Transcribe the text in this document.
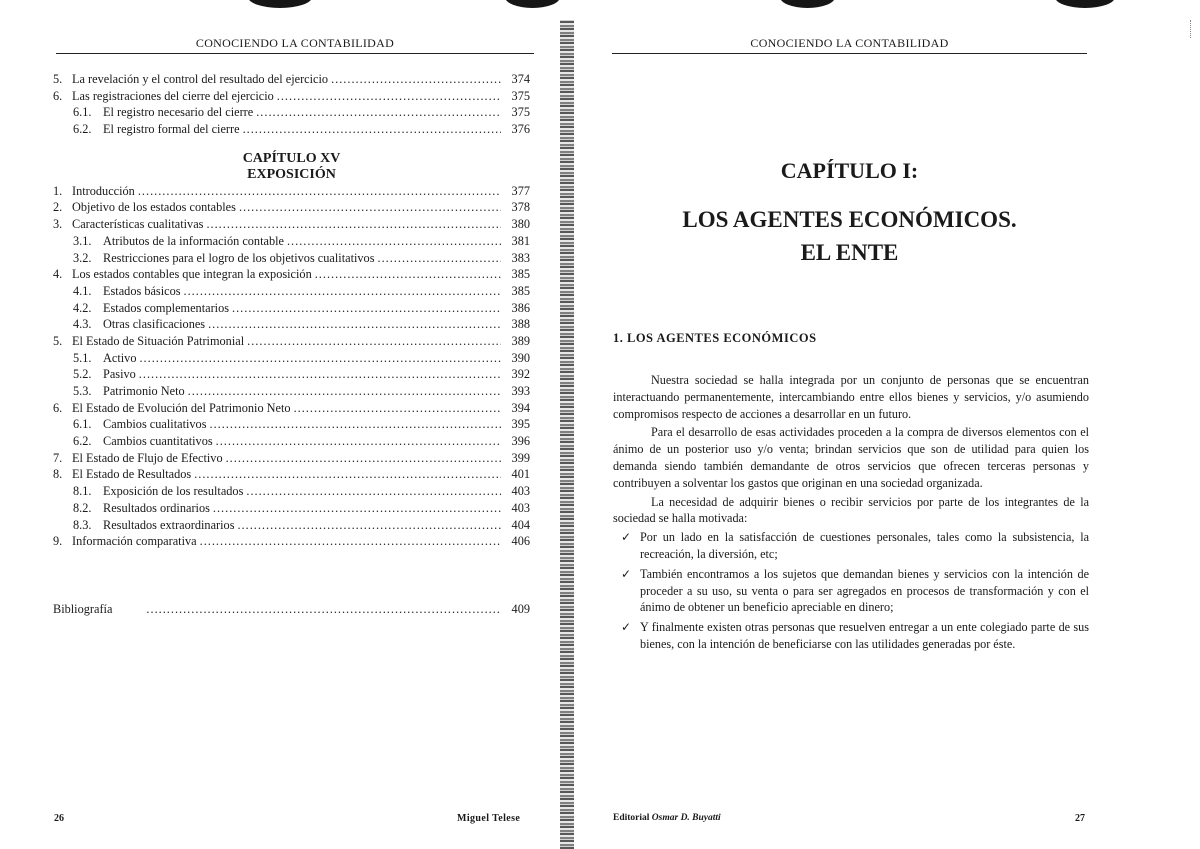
CONOCIENDO LA CONTABILIDAD
5. La revelación y el control del resultado del ejercicio .....	374
6. Las registraciones del cierre del ejercicio .....	375
6.1. El registro necesario del cierre .....	375
6.2. El registro formal del cierre .....	376
CAPÍTULO XV
EXPOSICIÓN
1. Introducción .....	377
2. Objetivo de los estados contables .....	378
3. Características cualitativas .....	380
3.1. Atributos de la información contable .....	381
3.2. Restricciones para el logro de los objetivos cualitativos .....	383
4. Los estados contables que integran la exposición .....	385
4.1. Estados básicos .....	385
4.2. Estados complementarios .....	386
4.3. Otras clasificaciones .....	388
5. El Estado de Situación Patrimonial .....	389
5.1. Activo .....	390
5.2. Pasivo .....	392
5.3. Patrimonio Neto .....	393
6. El Estado de Evolución del Patrimonio Neto .....	394
6.1. Cambios cualitativos .....	395
6.2. Cambios cuantitativos .....	396
7. El Estado de Flujo de Efectivo .....	399
8. El Estado de Resultados .....	401
8.1. Exposición de los resultados .....	403
8.2. Resultados ordinarios .....	403
8.3. Resultados extraordinarios .....	404
9. Información comparativa .....	406
Bibliografía .....	409
26	Miguel Telese
CONOCIENDO LA CONTABILIDAD
CAPÍTULO I:
LOS AGENTES ECONÓMICOS.
EL ENTE
1. LOS AGENTES ECONÓMICOS

Nuestra sociedad se halla integrada por un conjunto de personas que se encuentran interactuando permanentemente, intercambiando entre ellos bienes y servicios, y/o asumiendo compromisos respecto de acciones a desarrollar en un futuro.

Para el desarrollo de esas actividades proceden a la compra de diversos elementos con el ánimo de un posterior uso y/o venta; brindan servicios que son de utilidad para quien los demanda siendo también demandante de otros servicios que ofrecen terceras personas y contribuyen a solventar los gastos que originan en una sociedad organizada.

La necesidad de adquirir bienes o recibir servicios por parte de los integrantes de la sociedad se halla motivada:

✓ Por un lado en la satisfacción de cuestiones personales, tales como la subsistencia, la recreación, la diversión, etc;
✓ También encontramos a los sujetos que demandan bienes y servicios con la intención de proceder a su uso, su venta o para ser agregados en procesos de transformación y con el ánimo de obtener un beneficio apreciable en dinero;
✓ Y finalmente existen otras personas que resuelven entregar a un ente colegiado parte de sus bienes, con la intención de beneficiarse con las utilidades generadas por éste.
Editorial Osmar D. Buyatti	27
